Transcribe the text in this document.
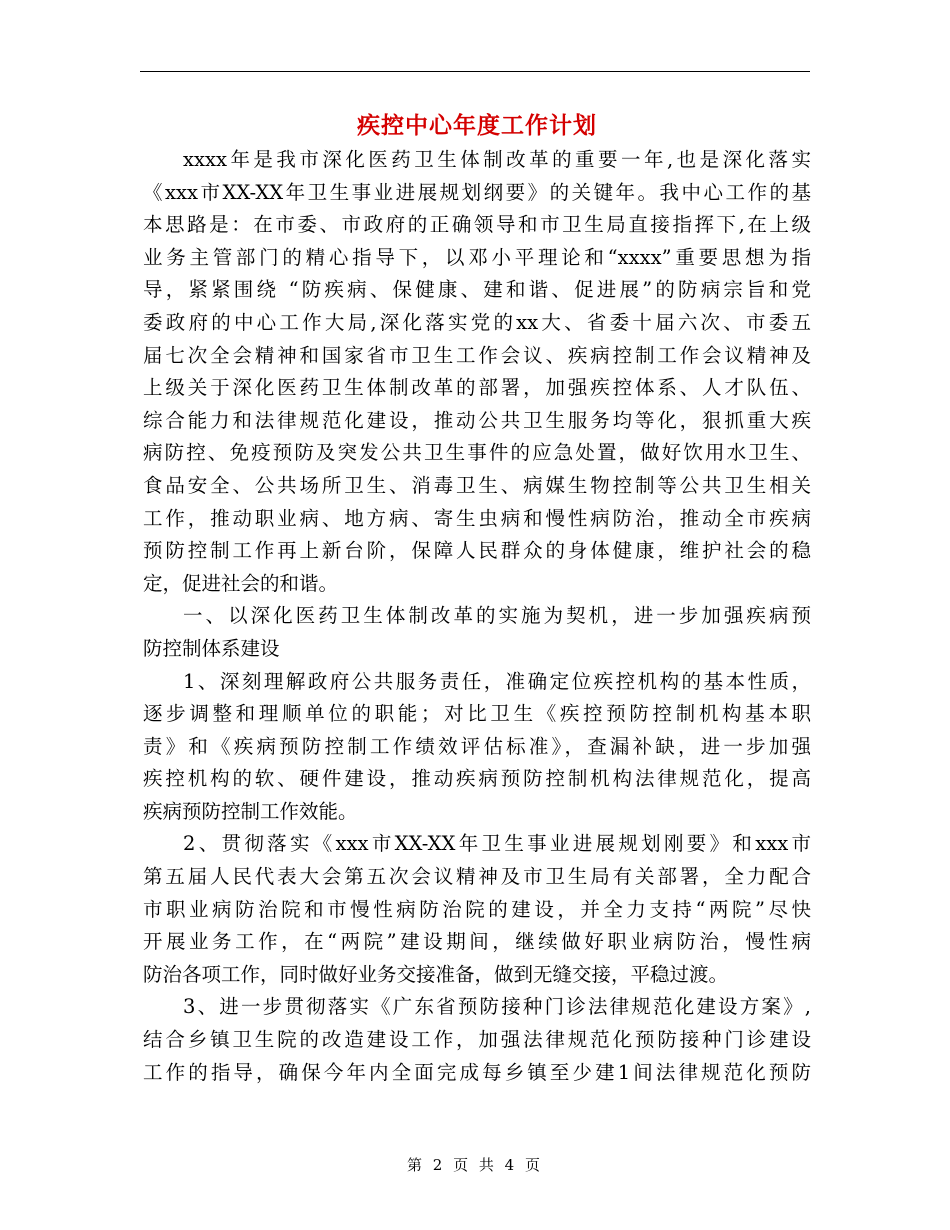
疾控中心年度工作计划
xxxx年是我市深化医药卫生体制改革的重要一年,也是深化落实
《xxx市XX-XX年卫生事业进展规划纲要》的关键年。我中心工作的基
本思路是：在市委、市政府的正确领导和市卫生局直接指挥下,在上级
业务主管部门的精心指导下，以邓小平理论和“xxxx”重要思想为指
导，紧紧围绕 “防疾病、保健康、建和谐、促进展”的防病宗旨和党
委政府的中心工作大局,深化落实党的xx大、省委十届六次、市委五
届七次全会精神和国家省市卫生工作会议、疾病控制工作会议精神及
上级关于深化医药卫生体制改革的部署，加强疾控体系、人才队伍、
综合能力和法律规范化建设，推动公共卫生服务均等化，狠抓重大疾
病防控、免疫预防及突发公共卫生事件的应急处置，做好饮用水卫生、
食品安全、公共场所卫生、消毒卫生、病媒生物控制等公共卫生相关
工作，推动职业病、地方病、寄生虫病和慢性病防治，推动全市疾病
预防控制工作再上新台阶，保障人民群众的身体健康，维护社会的稳
定，促进社会的和谐。
一、以深化医药卫生体制改革的实施为契机，进一步加强疾病预
防控制体系建设
1、深刻理解政府公共服务责任，准确定位疾控机构的基本性质，
逐步调整和理顺单位的职能；对比卫生《疾控预防控制机构基本职
责》和《疾病预防控制工作绩效评估标准》，查漏补缺，进一步加强
疾控机构的软、硬件建设，推动疾病预防控制机构法律规范化，提高
疾病预防控制工作效能。
2、贯彻落实《xxx市XX-XX年卫生事业进展规划刚要》和xxx市
第五届人民代表大会第五次会议精神及市卫生局有关部署，全力配合
市职业病防治院和市慢性病防治院的建设，并全力支持“两院”尽快
开展业务工作，在“两院”建设期间，继续做好职业病防治，慢性病
防治各项工作，同时做好业务交接准备，做到无缝交接，平稳过渡。
3、进一步贯彻落实《广东省预防接种门诊法律规范化建设方案》,
结合乡镇卫生院的改造建设工作，加强法律规范化预防接种门诊建设
工作的指导，确保今年内全面完成每乡镇至少建1间法律规范化预防
第 2 页 共 4 页
